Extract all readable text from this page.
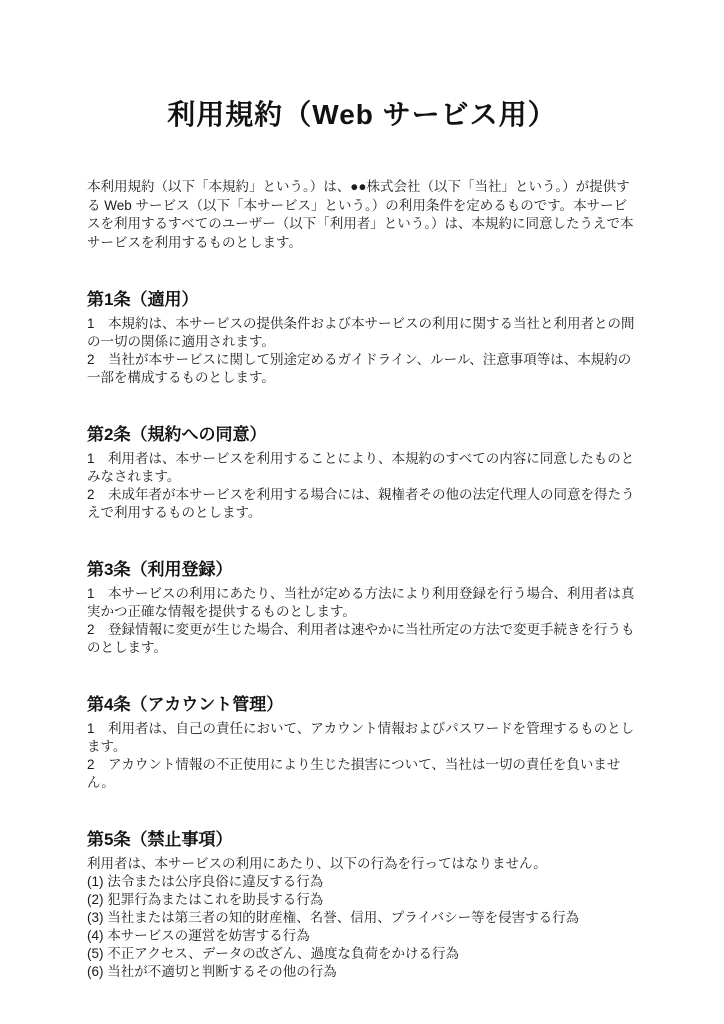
利用規約（Web サービス用）

本利用規約（以下「本規約」という。）は、●●株式会社（以下「当社」という。）が提供する Web サービス（以下「本サービス」という。）の利用条件を定めるものです。本サービスを利用するすべてのユーザー（以下「利用者」という。）は、本規約に同意したうえで本サービスを利用するものとします。

第1条（適用）

1　本規約は、本サービスの提供条件および本サービスの利用に関する当社と利用者との間の一切の関係に適用されます。

2　当社が本サービスに関して別途定めるガイドライン、ルール、注意事項等は、本規約の一部を構成するものとします。

第2条（規約への同意）

1　利用者は、本サービスを利用することにより、本規約のすべての内容に同意したものとみなされます。

2　未成年者が本サービスを利用する場合には、親権者その他の法定代理人の同意を得たうえで利用するものとします。

第3条（利用登録）

1　本サービスの利用にあたり、当社が定める方法により利用登録を行う場合、利用者は真実かつ正確な情報を提供するものとします。

2　登録情報に変更が生じた場合、利用者は速やかに当社所定の方法で変更手続きを行うものとします。

第4条（アカウント管理）

1　利用者は、自己の責任において、アカウント情報およびパスワードを管理するものとします。

2　アカウント情報の不正使用により生じた損害について、当社は一切の責任を負いません。

第5条（禁止事項）

利用者は、本サービスの利用にあたり、以下の行為を行ってはなりません。

(1) 法令または公序良俗に違反する行為

(2) 犯罪行為またはこれを助長する行為

(3) 当社または第三者の知的財産権、名誉、信用、プライバシー等を侵害する行為

(4) 本サービスの運営を妨害する行為

(5) 不正アクセス、データの改ざん、過度な負荷をかける行為

(6) 当社が不適切と判断するその他の行為
